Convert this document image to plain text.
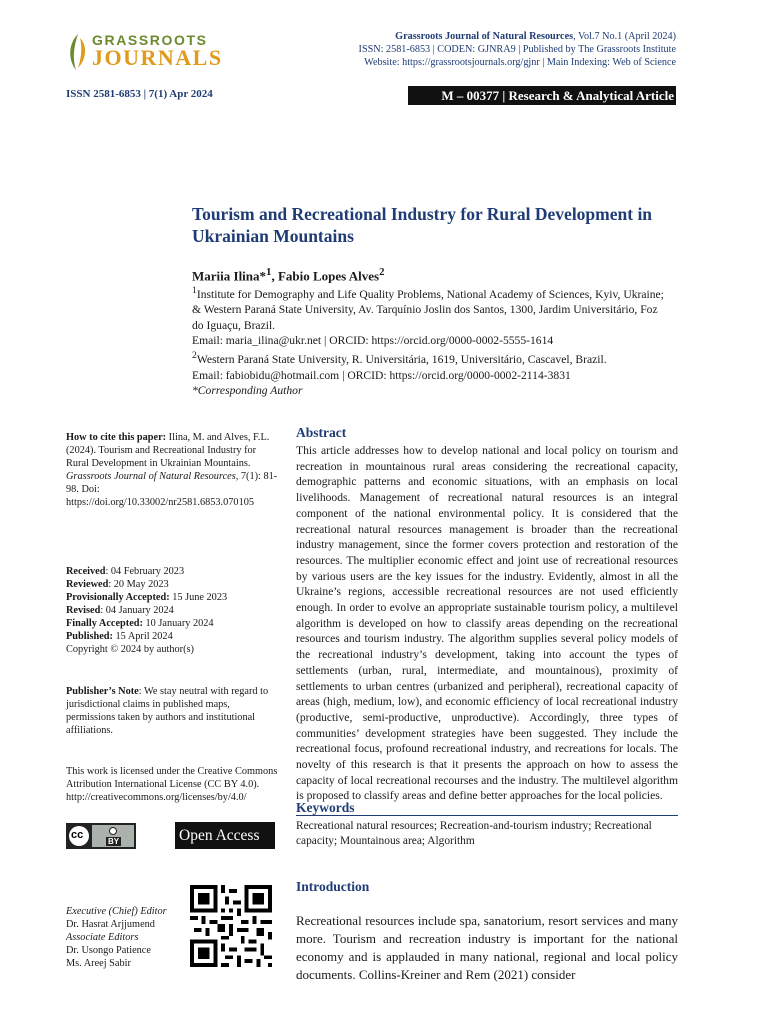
GRASSROOTS
JOURNALS
Grassroots Journal of Natural Resources, Vol.7 No.1 (April 2024)
ISSN: 2581-6853 | CODEN: GJNRA9 | Published by The Grassroots Institute
Website: https://grassrootsjournals.org/gjnr | Main Indexing: Web of Science
ISSN 2581-6853 | 7(1) Apr 2024	M – 00377 | Research & Analytical Article
Tourism and Recreational Industry for Rural Development in Ukrainian Mountains
Mariia Ilina*$^1$, Fabio Lopes Alves$^2$
$^1$Institute for Demography and Life Quality Problems, National Academy of Sciences, Kyiv, Ukraine; & Western Paraná State University, Av. Tarquínio Joslin dos Santos, 1300, Jardim Universitário, Foz do Iguaçu, Brazil.
Email: maria_ilina@ukr.net | ORCID: https://orcid.org/0000-0002-5555-1614
$^2$Western Paraná State University, R. Universitária, 1619, Universitário, Cascavel, Brazil.
Email: fabiobidu@hotmail.com | ORCID: https://orcid.org/0000-0002-2114-3831
*Corresponding Author
How to cite this paper: Ilina, M. and Alves, F.L. (2024). Tourism and Recreational Industry for Rural Development in Ukrainian Mountains. Grassroots Journal of Natural Resources, 7(1): 81-98. Doi: https://doi.org/10.33002/nr2581.6853.070105
Received: 04 February 2023
Reviewed: 20 May 2023
Provisionally Accepted: 15 June 2023
Revised: 04 January 2024
Finally Accepted: 10 January 2024
Published: 15 April 2024
Copyright © 2024 by author(s)
Publisher’s Note: We stay neutral with regard to jurisdictional claims in published maps, permissions taken by authors and institutional affiliations.
This work is licensed under the Creative Commons Attribution International License (CC BY 4.0). http://creativecommons.org/licenses/by/4.0/
cc
BY	Open Access
Executive (Chief) Editor
Dr. Hasrat Arjjumend
Associate Editors
Dr. Usongo Patience
Ms. Areej Sabir
Abstract
This article addresses how to develop national and local policy on tourism and recreation in mountainous rural areas considering the recreational capacity, demographic patterns and economic situations, with an emphasis on local livelihoods. Management of recreational natural resources is an integral component of the national environmental policy. It is considered that the recreational natural resources management is broader than the recreational industry management, since the former covers protection and restoration of the resources. The multiplier economic effect and joint use of recreational resources by various users are the key issues for the industry. Evidently, almost in all the Ukraine’s regions, accessible recreational resources are not used efficiently enough. In order to evolve an appropriate sustainable tourism policy, a multilevel algorithm is developed on how to classify areas depending on the recreational resources and tourism industry. The algorithm supplies several policy models of the recreational industry’s development, taking into account the types of settlements (urban, rural, intermediate, and mountainous), proximity of settlements to urban centres (urbanized and peripheral), recreational capacity of areas (high, medium, low), and economic efficiency of local recreational industry (productive, semi-productive, unproductive). Accordingly, three types of communities’ development strategies have been suggested. They include the recreational focus, profound recreational industry, and recreations for locals. The novelty of this research is that it presents the approach on how to assess the capacity of local recreational recourses and the industry. The multilevel algorithm is proposed to classify areas and define better approaches for the local policies.
Keywords
Recreational natural resources; Recreation-and-tourism industry; Recreational capacity; Mountainous area; Algorithm
Introduction
Recreational resources include spa, sanatorium, resort services and many more. Tourism and recreation industry is important for the national economy and is applauded in many national, regional and local policy documents. Collins-Kreiner and Rem (2021) consider
